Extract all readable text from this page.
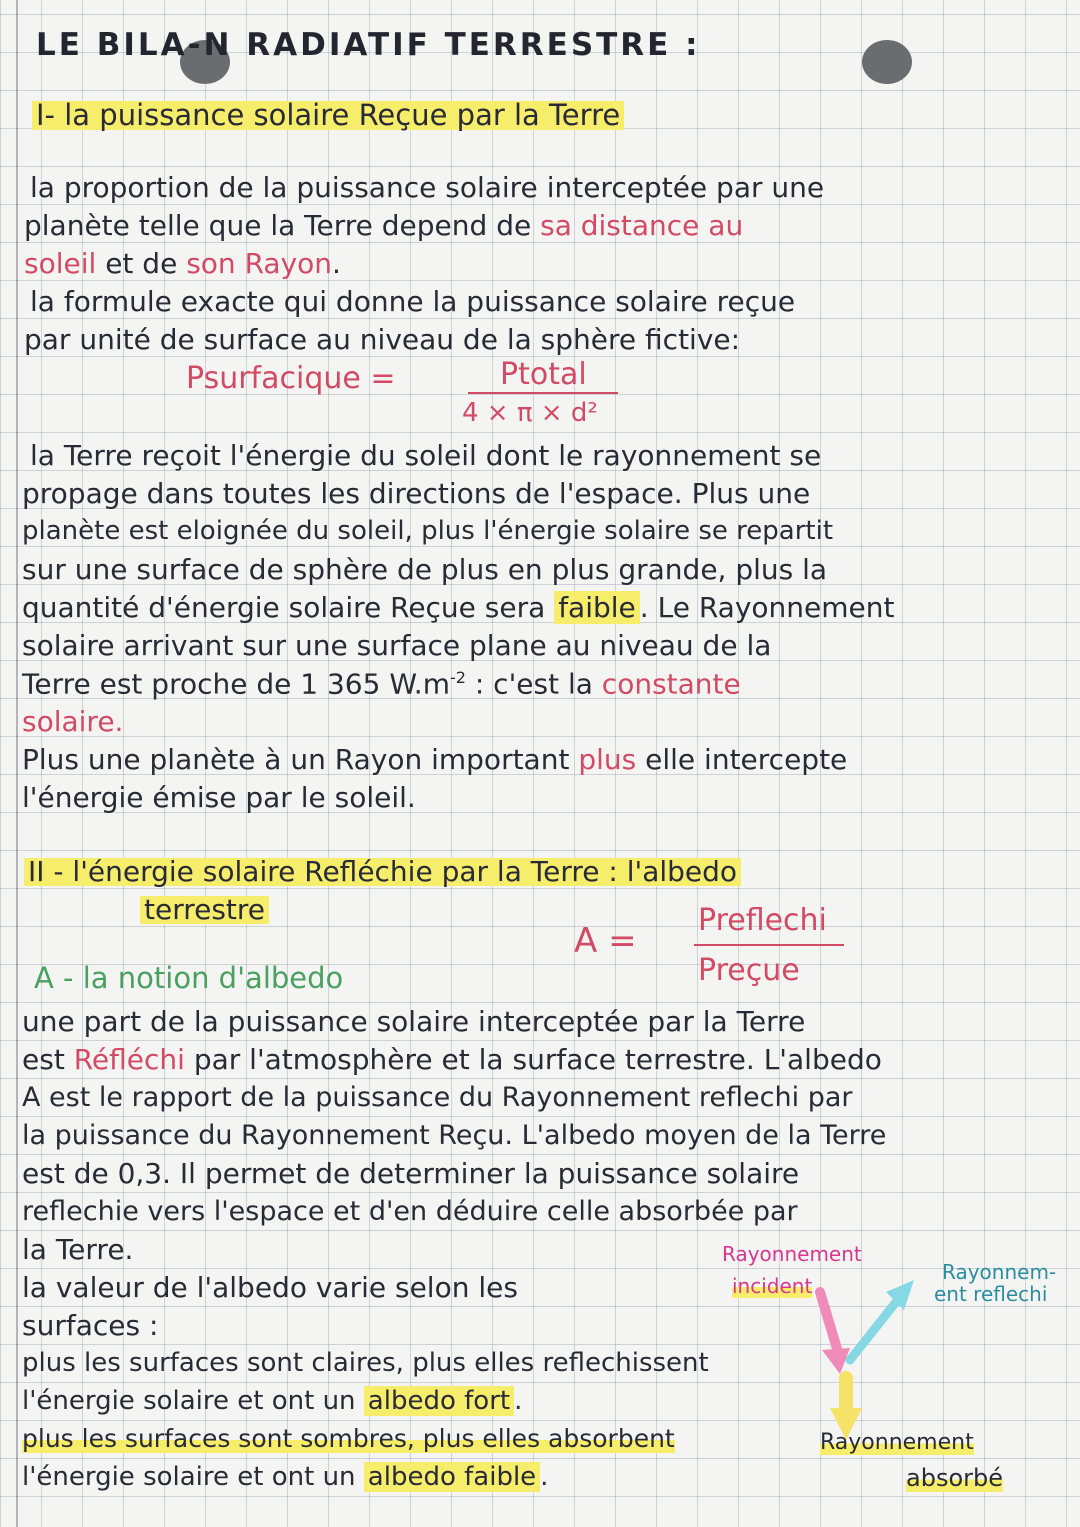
LE BILA-N RADIATIF TERRESTRE :
I- la puissance solaire Reçue par la Terre
la proportion de la puissance solaire interceptée par une
planète telle que la Terre depend de sa distance au
soleil et de son Rayon.
la formule exacte qui donne la puissance solaire reçue
par unité de surface au niveau de la sphère fictive:
Psurfacique =	Ptotal
4 × π × d²
la Terre reçoit l'énergie du soleil dont le rayonnement se
propage dans toutes les directions de l'espace. Plus une
planète est eloignée du soleil, plus l'énergie solaire se repartit
sur une surface de sphère de plus en plus grande, plus la
quantité d'énergie solaire Reçue sera faible . Le Rayonnement
solaire arrivant sur une surface plane au niveau de la
Terre est proche de 1 365 $W.m^{-2}$ : c'est la constante
solaire.
Plus une planète à un Rayon important plus elle intercepte
l'énergie émise par le soleil.
II - l'énergie solaire Refléchie par la Terre : l'albedo
terrestre
A =
Preflechi
Preçue
A - la notion d'albedo
une part de la puissance solaire interceptée par la Terre
est Réfléchi par l'atmosphère et la surface terrestre. L'albedo
A est le rapport de la puissance du Rayonnement reflechi par
la puissance du Rayonnement Reçu. L'albedo moyen de la Terre
est de 0,3. Il permet de determiner la puissance solaire
reflechie vers l'espace et d'en déduire celle absorbée par
la Terre.	Rayonnement
incident
Rayonnem-
ent reflechi
la valeur de l'albedo varie selon les
surfaces :
plus les surfaces sont claires, plus elles reflechissent
l'énergie solaire et ont un albedo fort .
plus les surfaces sont sombres, plus elles absorbent	Rayonnement
l'énergie solaire et ont un albedo faible .	absorbé
